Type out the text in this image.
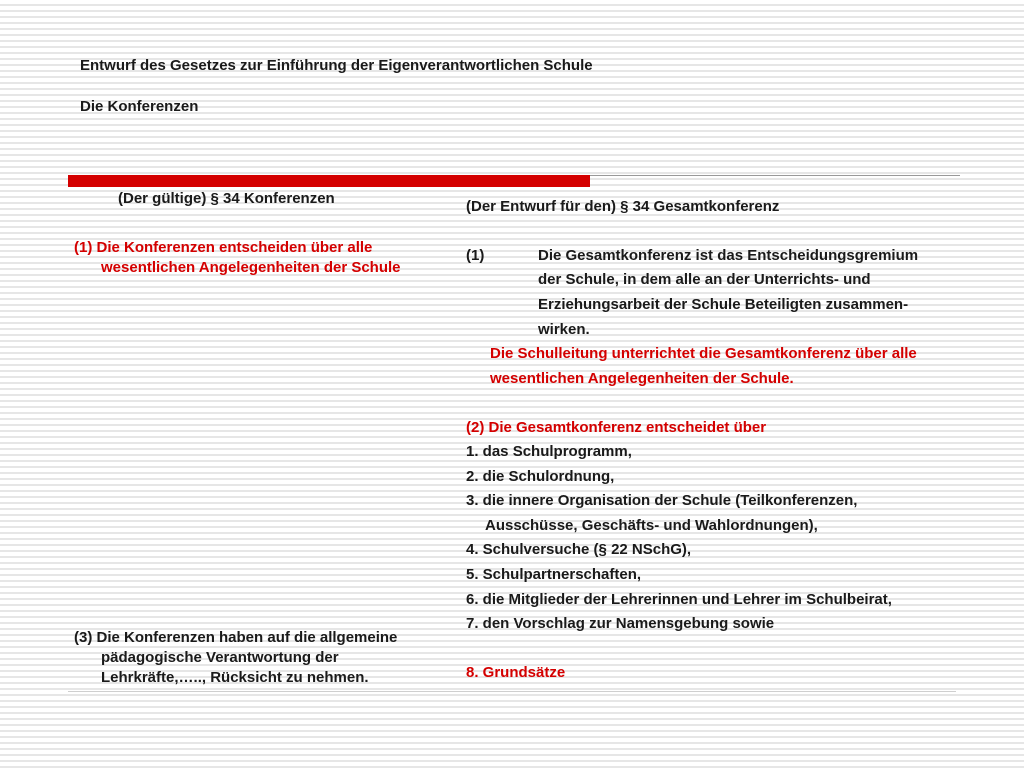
Entwurf des Gesetzes zur Einführung der Eigenverantwortlichen Schule
Die Konferenzen
(Der gültige) § 34 Konferenzen
(1) Die Konferenzen entscheiden über alle
wesentlichen Angelegenheiten der Schule
(3) Die Konferenzen haben auf die allgemeine
pädagogische Verantwortung der
Lehrkräfte,….., Rücksicht zu nehmen.
(Der Entwurf für den) § 34 Gesamtkonferenz
(1)	Die Gesamtkonferenz ist das Entscheidungsgremium
der Schule, in dem alle an der Unterrichts- und
Erziehungsarbeit der Schule Beteiligten zusammen-
wirken.
Die Schulleitung unterrichtet die Gesamtkonferenz über alle
wesentlichen Angelegenheiten der Schule.
(2) Die Gesamtkonferenz entscheidet über
1. das Schulprogramm,
2. die Schulordnung,
3. die innere Organisation der Schule (Teilkonferenzen,
Ausschüsse, Geschäfts- und Wahlordnungen),
4. Schulversuche (§ 22 NSchG),
5. Schulpartnerschaften,
6. die Mitglieder der Lehrerinnen und Lehrer im Schulbeirat,
7. den Vorschlag zur Namensgebung sowie
8. Grundsätze
